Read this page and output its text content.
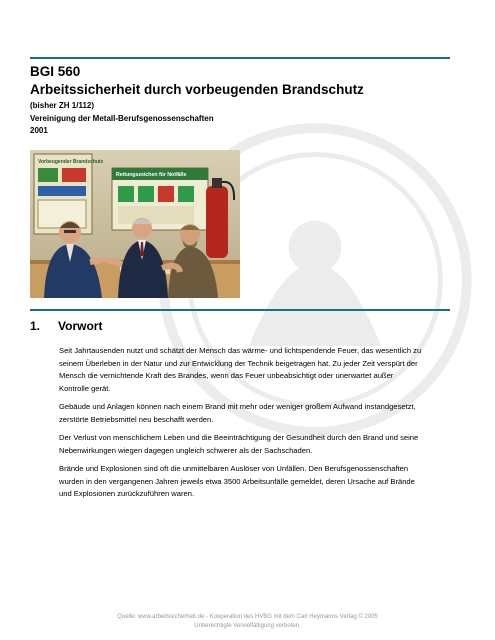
BGI 560
Arbeitssicherheit durch vorbeugenden Brandschutz
(bisher ZH 1/112)
Vereinigung der Metall-Berufsgenossenschaften
2001
Vorbeugender Brandschutz
Rettungszeichen für Notfälle
1. Vorwort

Seit Jahrtausenden nutzt und schätzt der Mensch das wärme- und lichtspendende Feuer, das wesentlich zu seinem Überleben in der Natur und zur Entwicklung der Technik beigetragen hat. Zu jeder Zeit verspürt der Mensch die vernichtende Kraft des Brandes, wenn das Feuer unbeabsichtigt oder unerwartet außer Kontrolle gerät.

Gebäude und Anlagen können nach einem Brand mit mehr oder weniger großem Aufwand instandgesetzt, zerstörte Betriebsmittel neu beschafft werden.

Der Verlust von menschlichem Leben und die Beeinträchtigung der Gesundheit durch den Brand und seine Nebenwirkungen wiegen dagegen ungleich schwerer als der Sachschaden.

Brände und Explosionen sind oft die unmittelbaren Auslöser von Unfällen. Den Berufsgenossenschaften wurden in den vergangenen Jahren jeweils etwa 3500 Arbeitsunfälle gemeldet, deren Ursache auf Brände und Explosionen zurückzuführen waren.

Quelle: www.arbeitssicherheit.de - Kooperation des HVBG mit dem Carl Heymanns Verlag © 2005
Unberechtigte Vervielfältigung verboten.
